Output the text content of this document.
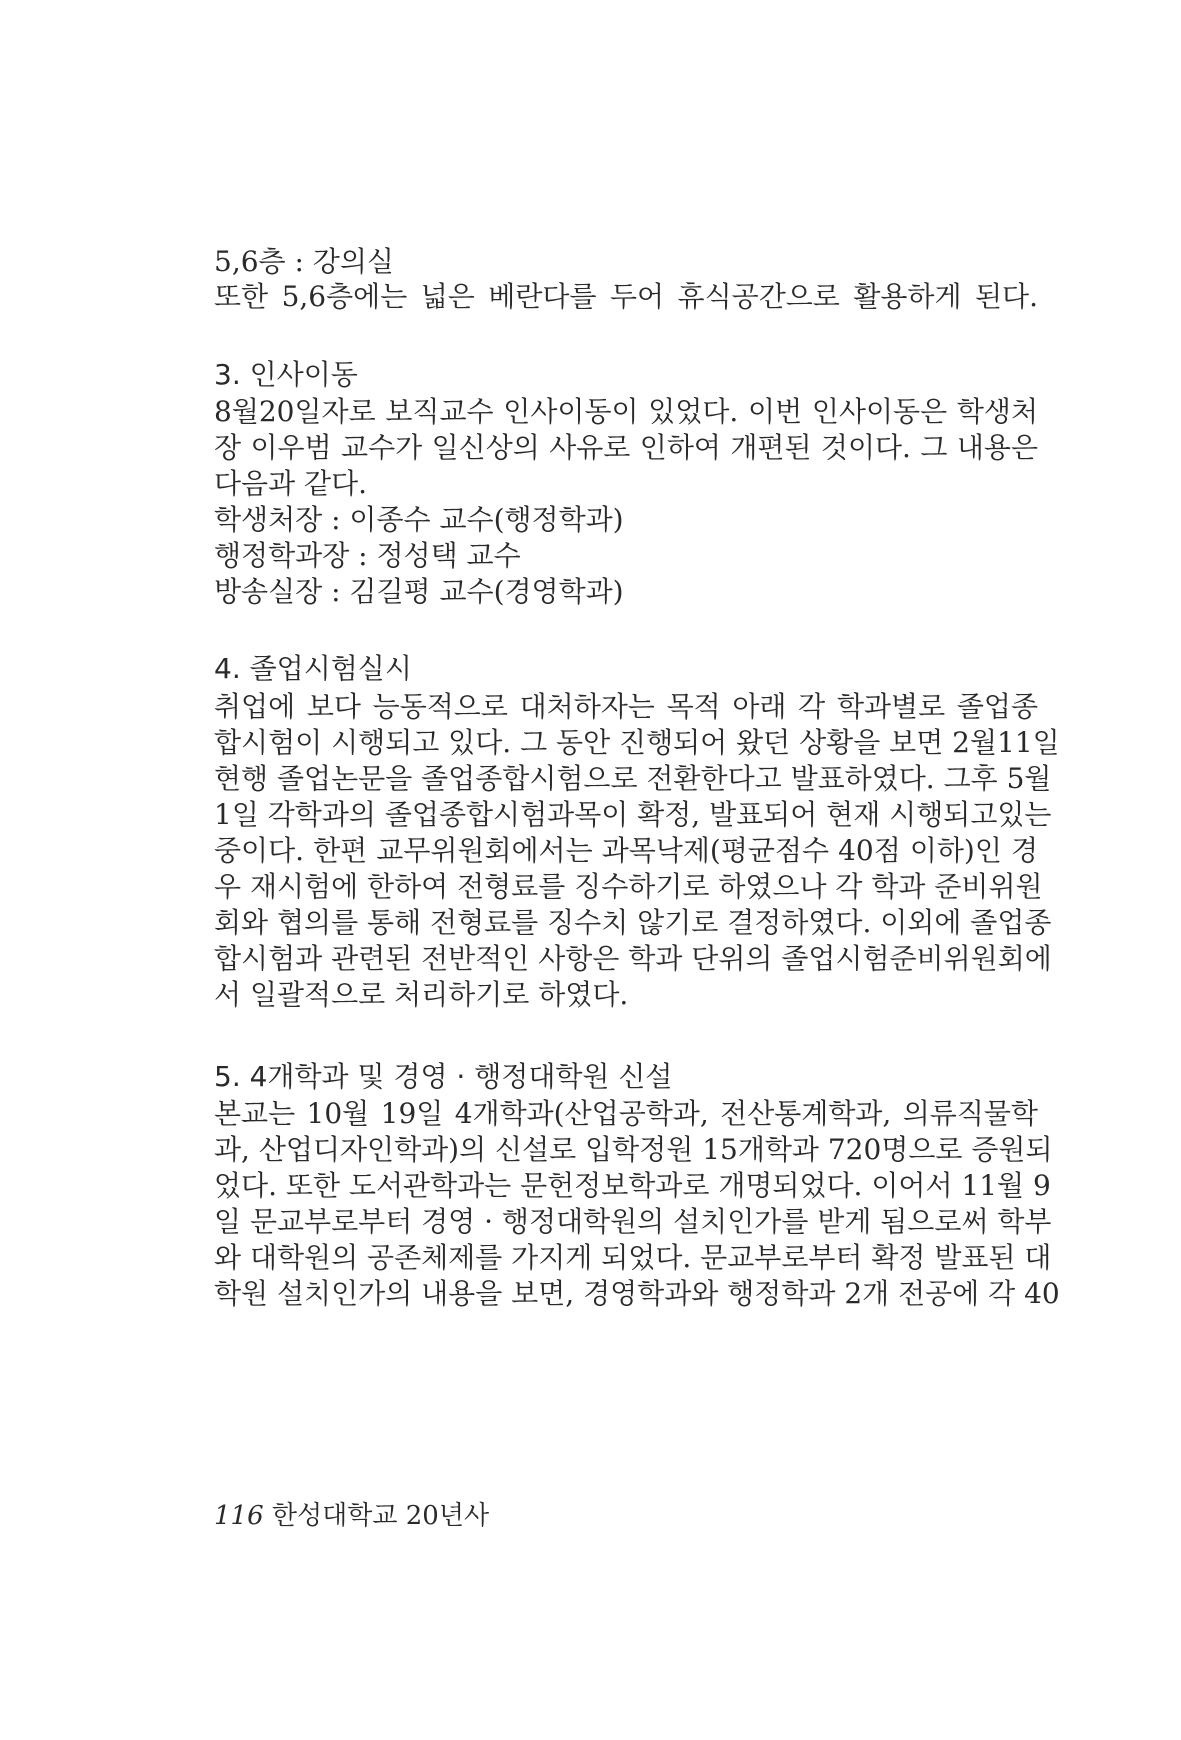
5,6층 : 강의실
또한 5,6층에는 넓은 베란다를 두어 휴식공간으로 활용하게 된다.
3. 인사이동
8월20일자로 보직교수 인사이동이 있었다. 이번 인사이동은 학생처
장 이우범 교수가 일신상의 사유로 인하여 개편된 것이다. 그 내용은
다음과 같다.
학생처장 : 이종수 교수(행정학과)
행정학과장 : 정성택 교수
방송실장 : 김길평 교수(경영학과)
4. 졸업시험실시
취업에 보다 능동적으로 대처하자는 목적 아래 각 학과별로 졸업종
합시험이 시행되고 있다. 그 동안 진행되어 왔던 상황을 보면 2월11일
현행 졸업논문을 졸업종합시험으로 전환한다고 발표하였다. 그후 5월
1일 각학과의 졸업종합시험과목이 확정, 발표되어 현재 시행되고있는
중이다. 한편 교무위원회에서는 과목낙제(평균점수 40점 이하)인 경
우 재시험에 한하여 전형료를 징수하기로 하였으나 각 학과 준비위원
회와 협의를 통해 전형료를 징수치 않기로 결정하였다. 이외에 졸업종
합시험과 관련된 전반적인 사항은 학과 단위의 졸업시험준비위원회에
서 일괄적으로 처리하기로 하였다.
5. 4개학과 및 경영 · 행정대학원 신설
본교는 10월 19일 4개학과(산업공학과, 전산통계학과, 의류직물학
과, 산업디자인학과)의 신설로 입학정원 15개학과 720명으로 증원되
었다. 또한 도서관학과는 문헌정보학과로 개명되었다. 이어서 11월 9
일 문교부로부터 경영 · 행정대학원의 설치인가를 받게 됨으로써 학부
와 대학원의 공존체제를 가지게 되었다. 문교부로부터 확정 발표된 대
학원 설치인가의 내용을 보면, 경영학과와 행정학과 2개 전공에 각 40
116 한성대학교 20년사
